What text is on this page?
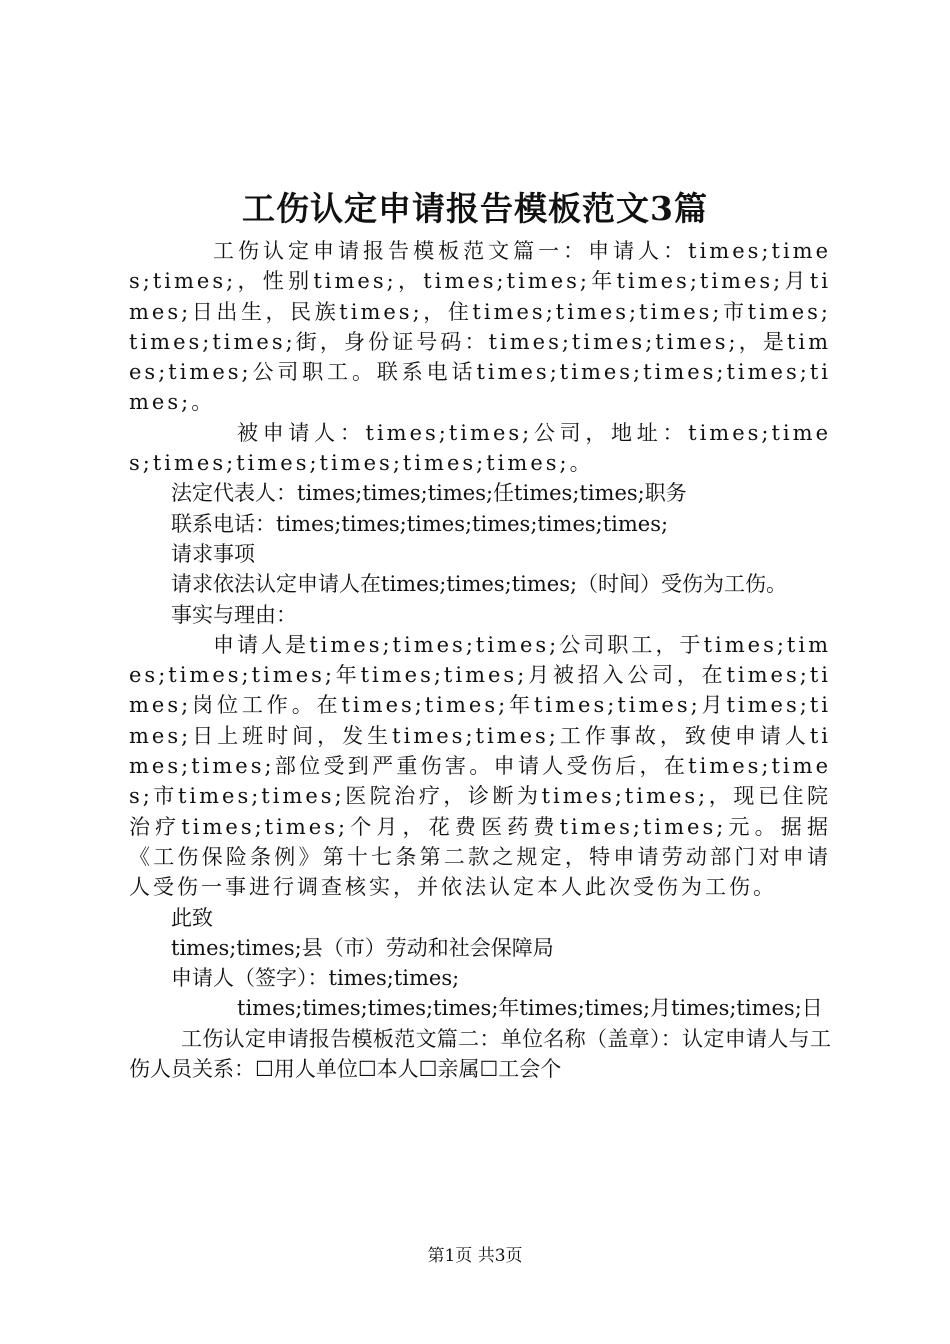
工伤认定申请报告模板范文3篇

工伤认定申请报告模板范文篇一：申请人：times;times;times;，性别times;，times;times;年times;times;月times;日出生，民族times;，住times;times;times;市times;times;times;街，身份证号码：times;times;times;，是times;times;公司职工。联系电话times;times;times;times;times;。

被申请人：times;times;公司，地址：times;times;times;times;times;times;times;。

法定代表人：times;times;times;任times;times;职务

联系电话：times;times;times;times;times;times;

请求事项

请求依法认定申请人在times;times;times;（时间）受伤为工伤。

事实与理由：

申请人是times;times;times;公司职工，于times;times;times;times;年times;times;月被招入公司，在times;times;岗位工作。在times;times;年times;times;月times;times;日上班时间，发生times;times;工作事故，致使申请人times;times;部位受到严重伤害。申请人受伤后，在times;times;市times;times;医院治疗，诊断为times;times;，现已住院治疗times;times;个月，花费医药费times;times;元。据据《工伤保险条例》第十七条第二款之规定，特申请劳动部门对申请人受伤一事进行调查核实，并依法认定本人此次受伤为工伤。

此致

times;times;县（市）劳动和社会保障局

申请人（签字）：times;times;

times;times;times;times;年times;times;月times;times;日

工伤认定申请报告模板范文篇二：单位名称（盖章）：认定申请人与工伤人员关系：☐用人单位☐本人☐亲属☐工会个

第1页 共3页
